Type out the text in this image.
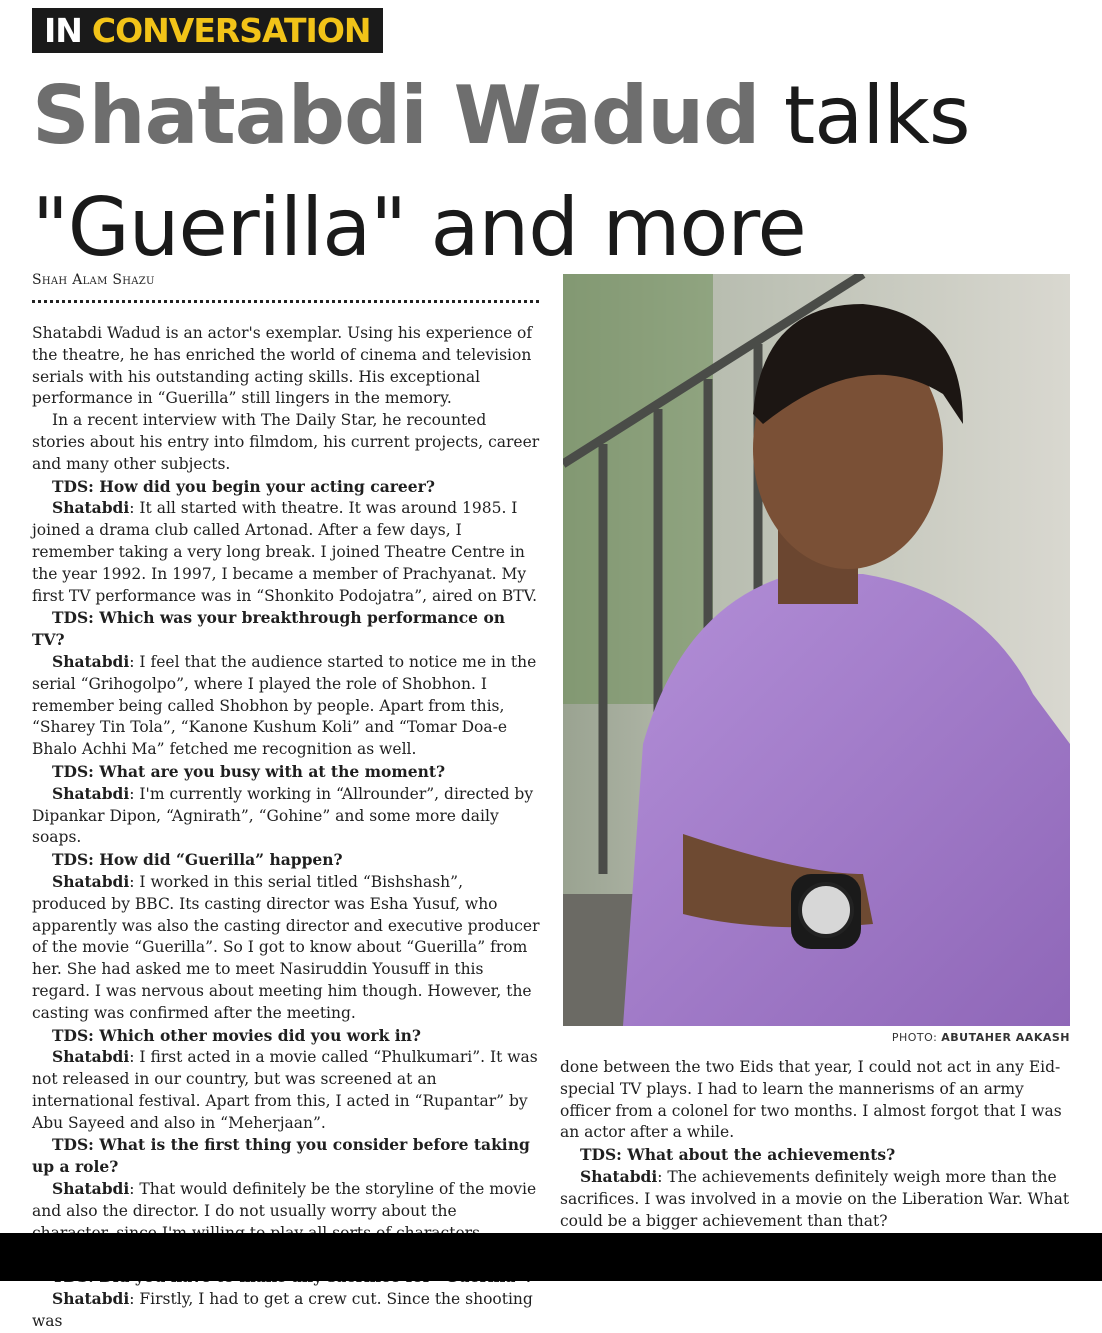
IN CONVERSATION
Shatabdi Wadud talks
"Guerilla" and more
Shah Alam Shazu

Shatabdi Wadud is an actor's exemplar. Using his experience of the theatre, he has enriched the world of cinema and television serials with his outstanding acting skills. His exceptional performance in “Guerilla” still lingers in the memory.

In a recent interview with The Daily Star, he recounted stories about his entry into filmdom, his current projects, career and many other subjects.

TDS: How did you begin your acting career?

Shatabdi: It all started with theatre. It was around 1985. I joined a drama club called Artonad. After a few days, I remember taking a very long break. I joined Theatre Centre in the year 1992. In 1997, I became a member of Prachyanat. My first TV performance was in “Shonkito Podojatra”, aired on BTV.

TDS: Which was your breakthrough performance on TV?

Shatabdi: I feel that the audience started to notice me in the serial “Grihogolpo”, where I played the role of Shobhon. I remember being called Shobhon by people. Apart from this, “Sharey Tin Tola”, “Kanone Kushum Koli” and “Tomar Doa-e Bhalo Achhi Ma” fetched me recognition as well.

TDS: What are you busy with at the moment?

Shatabdi: I'm currently working in “Allrounder”, directed by Dipankar Dipon, “Agnirath”, “Gohine” and some more daily soaps.

TDS: How did “Guerilla” happen?

Shatabdi: I worked in this serial titled “Bishshash”, produced by BBC. Its casting director was Esha Yusuf, who apparently was also the casting director and executive producer of the movie “Guerilla”. So I got to know about “Guerilla” from her. She had asked me to meet Nasiruddin Yousuff in this regard. I was nervous about meeting him though. However, the casting was confirmed after the meeting.

TDS: Which other movies did you work in?

Shatabdi: I first acted in a movie called “Phulkumari”. It was not released in our country, but was screened at an international festival. Apart from this, I acted in “Rupantar” by Abu Sayeed and also in “Meherjaan”.

TDS: What is the first thing you consider before taking up a role?

Shatabdi: That would definitely be the storyline of the movie and also the director. I do not usually worry about the

Shatabdi: Firstly, I had to get a crew cut. Since the shooting was

PHOTO: ABUTAHER AAKASH

done between the two Eids that year, I could not act in any Eid-special TV plays. I had to learn the mannerisms of an army officer from a colonel for two months. I almost forgot that I was an actor after a while.

TDS: What about the achievements?

Shatabdi: The achievements definitely weigh more than the sacrifices. I was involved in a movie on the Liberation War. What could be a bigger achievement than that?
